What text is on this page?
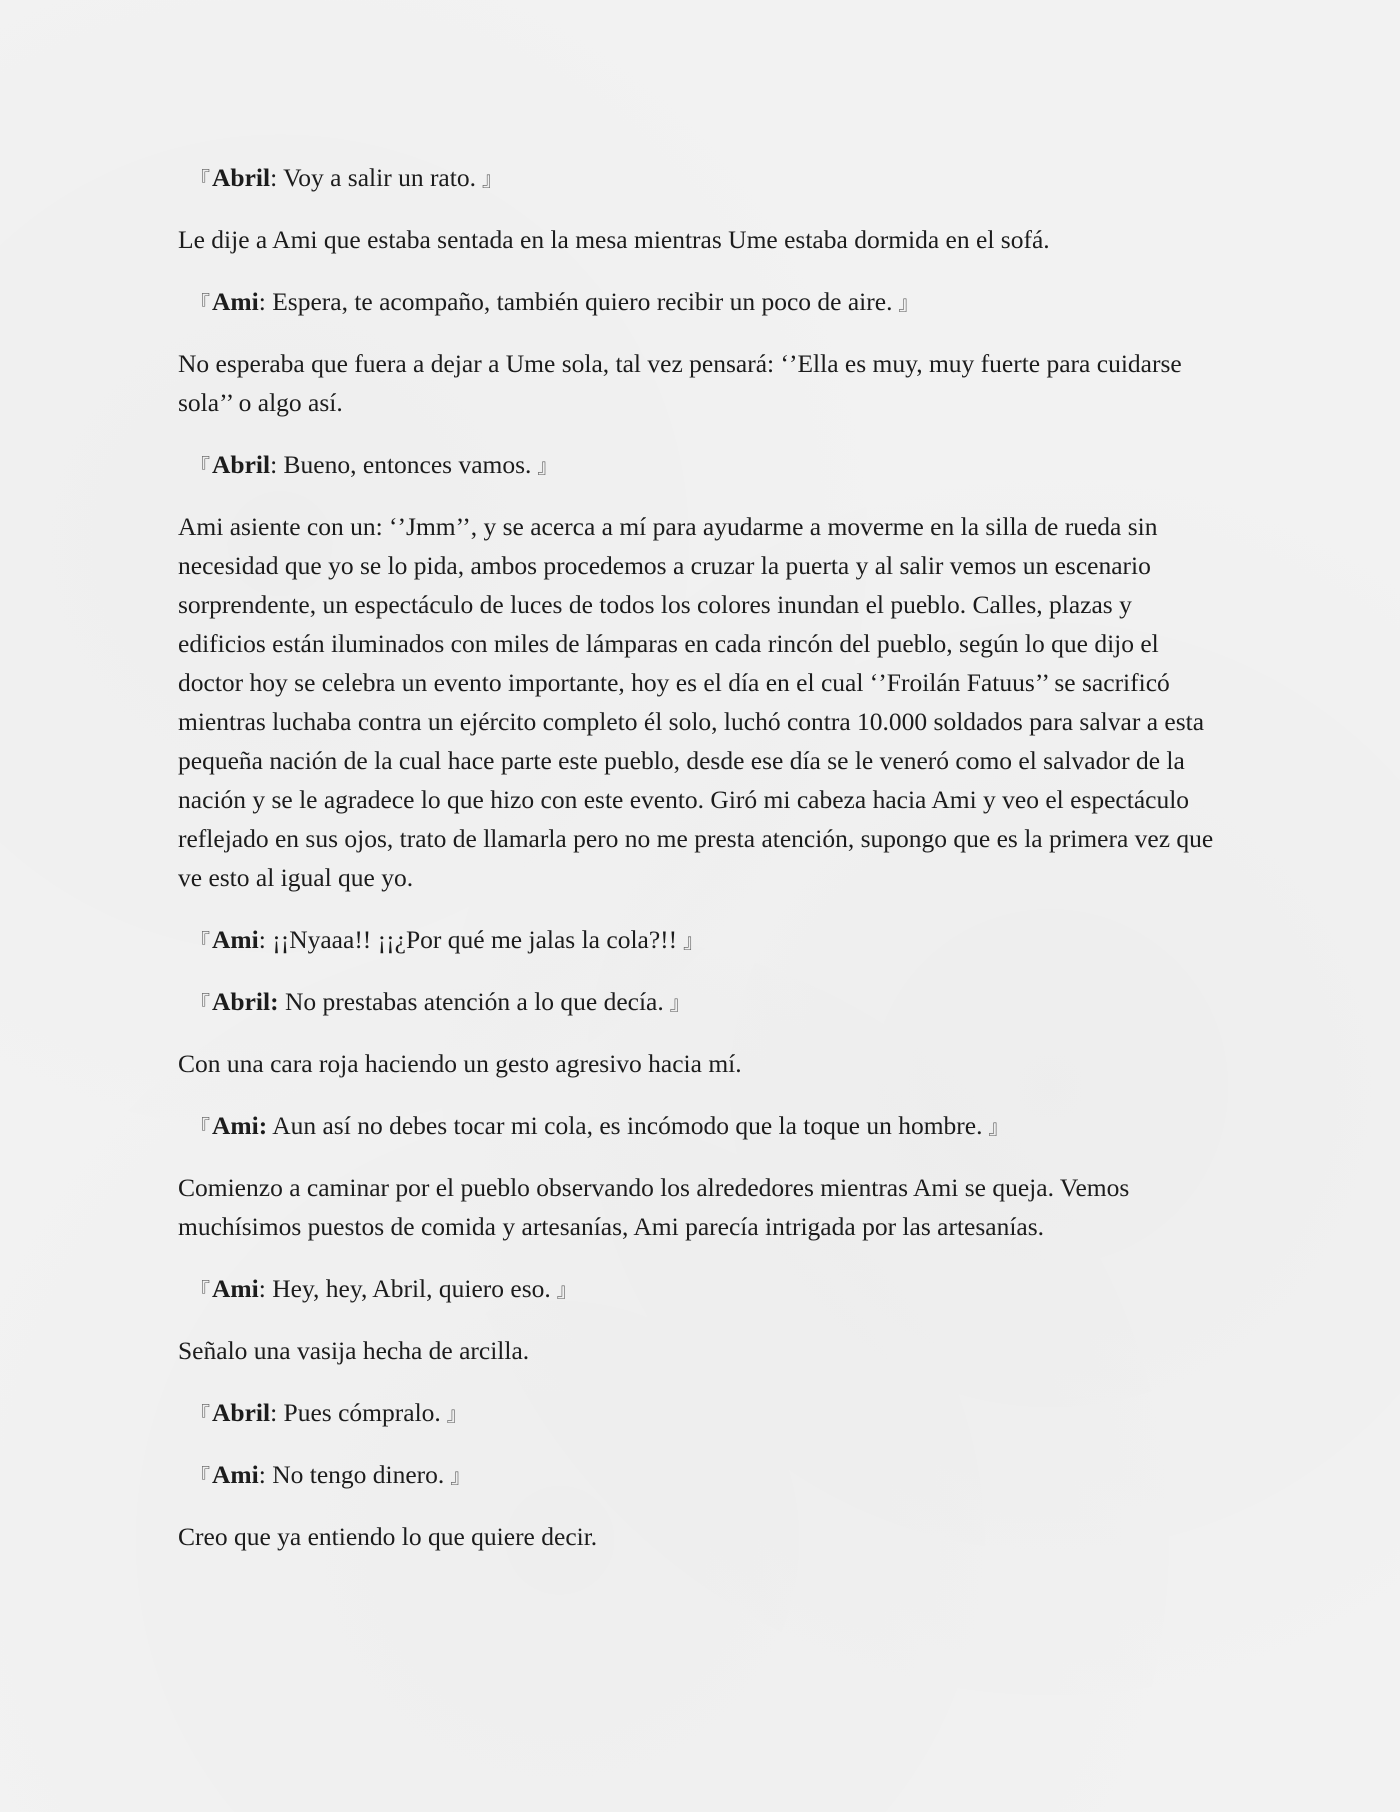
『Abril: Voy a salir un rato. 』

Le dije a Ami que estaba sentada en la mesa mientras Ume estaba dormida en el sofá.

『Ami: Espera, te acompaño, también quiero recibir un poco de aire. 』

No esperaba que fuera a dejar a Ume sola, tal vez pensará: ‘’Ella es muy, muy fuerte para cuidarse sola’’ o algo así.

『Abril: Bueno, entonces vamos. 』

Ami asiente con un: ‘’Jmm’’, y se acerca a mí para ayudarme a moverme en la silla de rueda sin necesidad que yo se lo pida, ambos procedemos a cruzar la puerta y al salir vemos un escenario sorprendente, un espectáculo de luces de todos los colores inundan el pueblo. Calles, plazas y edificios están iluminados con miles de lámparas en cada rincón del pueblo, según lo que dijo el doctor hoy se celebra un evento importante, hoy es el día en el cual ‘’Froilán Fatuus’’ se sacrificó mientras luchaba contra un ejército completo él solo, luchó contra 10.000 soldados para salvar a esta pequeña nación de la cual hace parte este pueblo, desde ese día se le veneró como el salvador de la nación y se le agradece lo que hizo con este evento. Giró mi cabeza hacia Ami y veo el espectáculo reflejado en sus ojos, trato de llamarla pero no me presta atención, supongo que es la primera vez que ve esto al igual que yo.

『Ami: ¡¡Nyaaa!! ¡¡¿Por qué me jalas la cola?!! 』

『Abril: No prestabas atención a lo que decía. 』

Con una cara roja haciendo un gesto agresivo hacia mí.

『Ami: Aun así no debes tocar mi cola, es incómodo que la toque un hombre. 』

Comienzo a caminar por el pueblo observando los alrededores mientras Ami se queja. Vemos muchísimos puestos de comida y artesanías, Ami parecía intrigada por las artesanías.

『Ami: Hey, hey, Abril, quiero eso. 』

Señalo una vasija hecha de arcilla.

『Abril: Pues cómpralo. 』

『Ami: No tengo dinero. 』

Creo que ya entiendo lo que quiere decir.
